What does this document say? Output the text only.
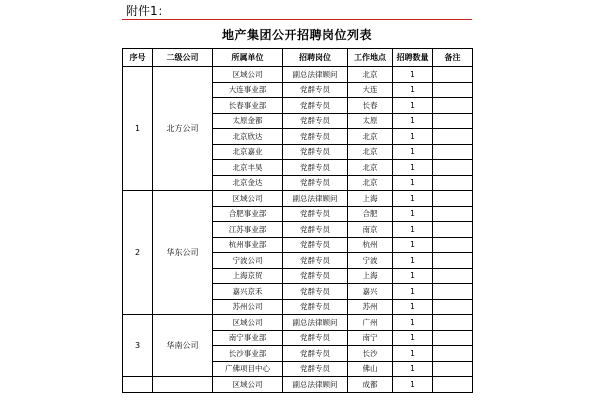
附件1：
地产集团公开招聘岗位列表
序号	二级公司	所属单位	招聘岗位	工作地点	招聘数量	备注
1	北方公司	区域公司	副总法律顾问	北京	1	
		大连事业部	党群专员	大连	1	
		长春事业部	党群专员	长春	1	
		太原金都	党群专员	太原	1	
		北京欣达	党群专员	北京	1	
		北京嘉业	党群专员	北京	1	
		北京丰昊	党群专员	北京	1	
		北京金达	党群专员	北京	1	
2	华东公司	区域公司	副总法律顾问	上海	1	
		合肥事业部	党群专员	合肥	1	
		江苏事业部	党群专员	南京	1	
		杭州事业部	党群专员	杭州	1	
		宁波公司	党群专员	宁波	1	
		上海京贸	党群专员	上海	1	
		嘉兴京禾	党群专员	嘉兴	1	
		苏州公司	党群专员	苏州	1	
3	华南公司	区域公司	副总法律顾问	广州	1	
		南宁事业部	党群专员	南宁	1	
		长沙事业部	党群专员	长沙	1	
		广佛项目中心	党群专员	佛山	1	
		区域公司	副总法律顾问	成都	1	
